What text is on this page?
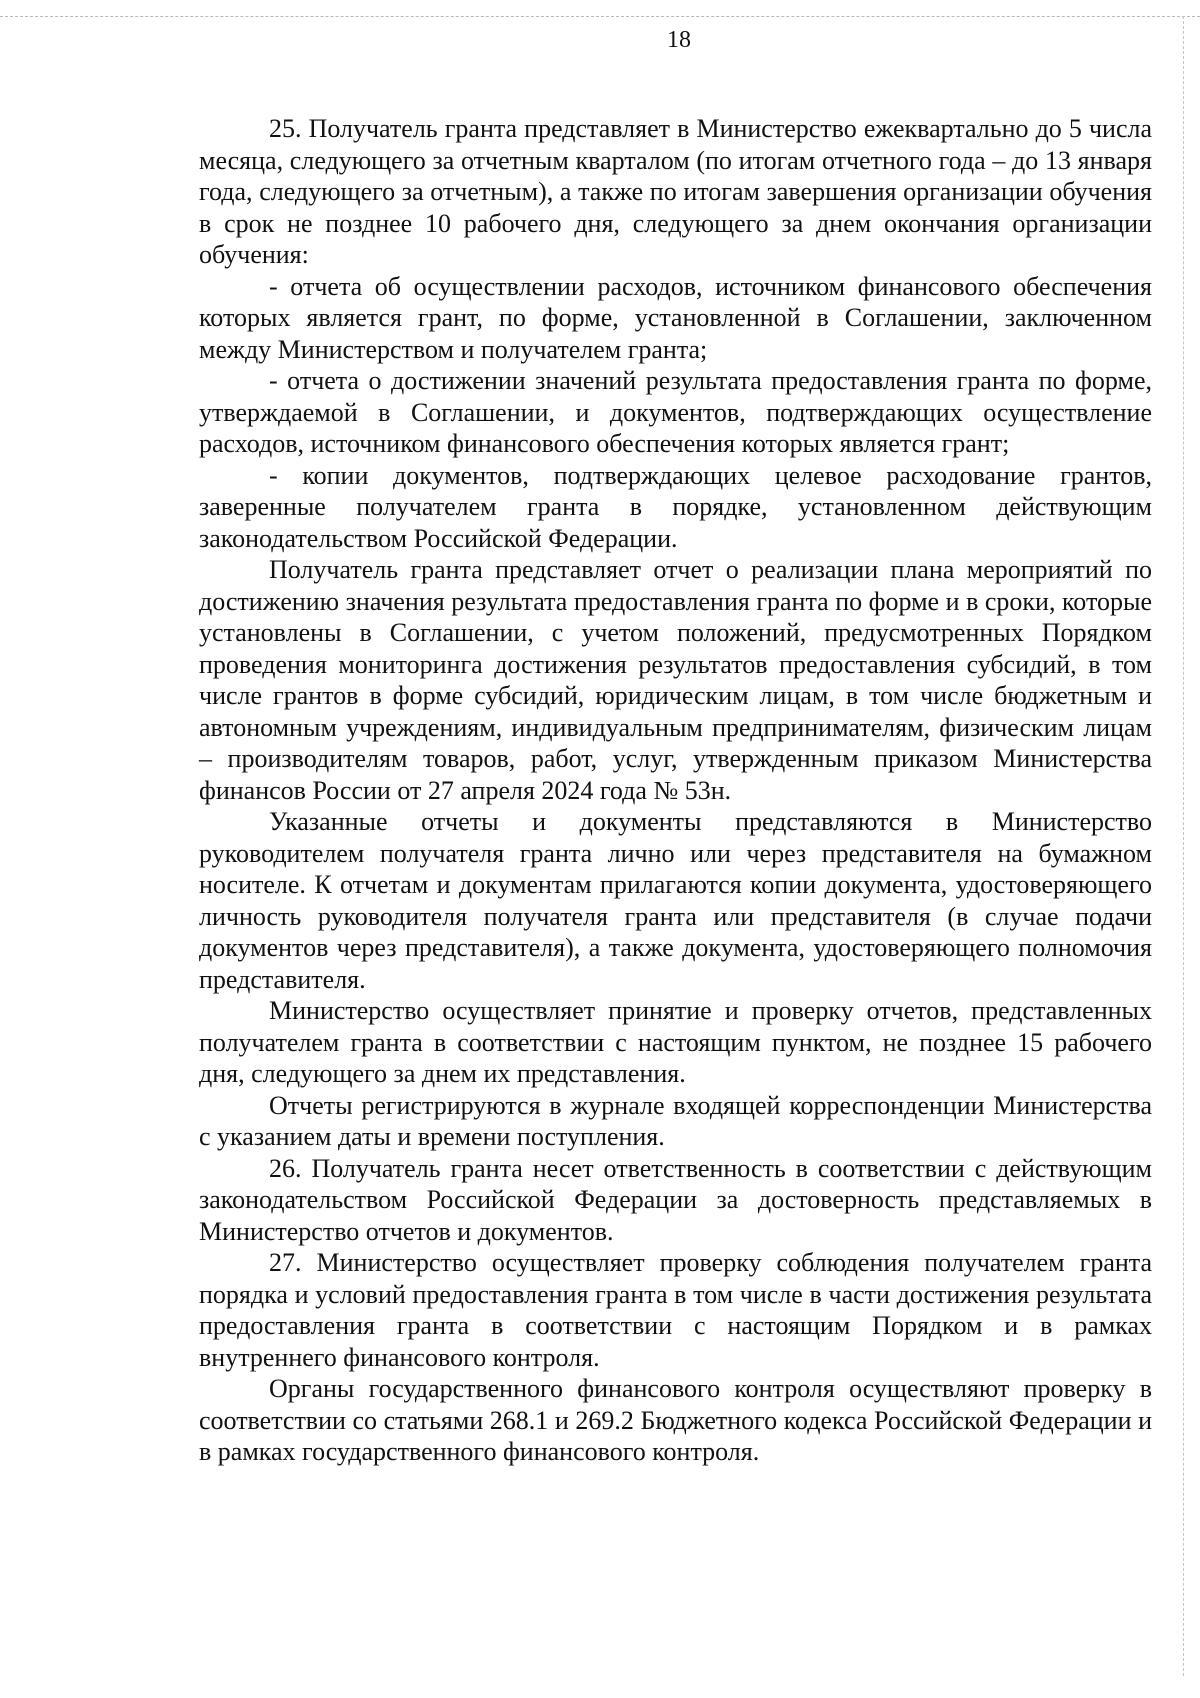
18

25. Получатель гранта представляет в Министерство ежеквартально до 5 числа месяца, следующего за отчетным кварталом (по итогам отчетного года – до 13 января года, следующего за отчетным), а также по итогам завершения организации обучения в срок не позднее 10 рабочего дня, следующего за днем окончания организации обучения:

- отчета об осуществлении расходов, источником финансового обеспечения которых является грант, по форме, установленной в Соглашении, заключенном между Министерством и получателем гранта;

- отчета о достижении значений результата предоставления гранта по форме, утверждаемой в Соглашении, и документов, подтверждающих осуществление расходов, источником финансового обеспечения которых является грант;

- копии документов, подтверждающих целевое расходование грантов, заверенные получателем гранта в порядке, установленном действующим законодательством Российской Федерации.

Получатель гранта представляет отчет о реализации плана мероприятий по достижению значения результата предоставления гранта по форме и в сроки, которые установлены в Соглашении, с учетом положений, предусмотренных Порядком проведения мониторинга достижения результатов предоставления субсидий, в том числе грантов в форме субсидий, юридическим лицам, в том числе бюджетным и автономным учреждениям, индивидуальным предпринимателям, физическим лицам – производителям товаров, работ, услуг, утвержденным приказом Министерства финансов России от 27 апреля 2024 года № 53н.

Указанные отчеты и документы представляются в Министерство руководителем получателя гранта лично или через представителя на бумажном носителе. К отчетам и документам прилагаются копии документа, удостоверяющего личность руководителя получателя гранта или представителя (в случае подачи документов через представителя), а также документа, удостоверяющего полномочия представителя.

Министерство осуществляет принятие и проверку отчетов, представленных получателем гранта в соответствии с настоящим пунктом, не позднее 15 рабочего дня, следующего за днем их представления.

Отчеты регистрируются в журнале входящей корреспонденции Министерства с указанием даты и времени поступления.

26. Получатель гранта несет ответственность в соответствии с действующим законодательством Российской Федерации за достоверность представляемых в Министерство отчетов и документов.

27. Министерство осуществляет проверку соблюдения получателем гранта порядка и условий предоставления гранта в том числе в части достижения результата предоставления гранта в соответствии с настоящим Порядком и в рамках внутреннего финансового контроля.

Органы государственного финансового контроля осуществляют проверку в соответствии со статьями 268.1 и 269.2 Бюджетного кодекса Российской Федерации и в рамках государственного финансового контроля.
